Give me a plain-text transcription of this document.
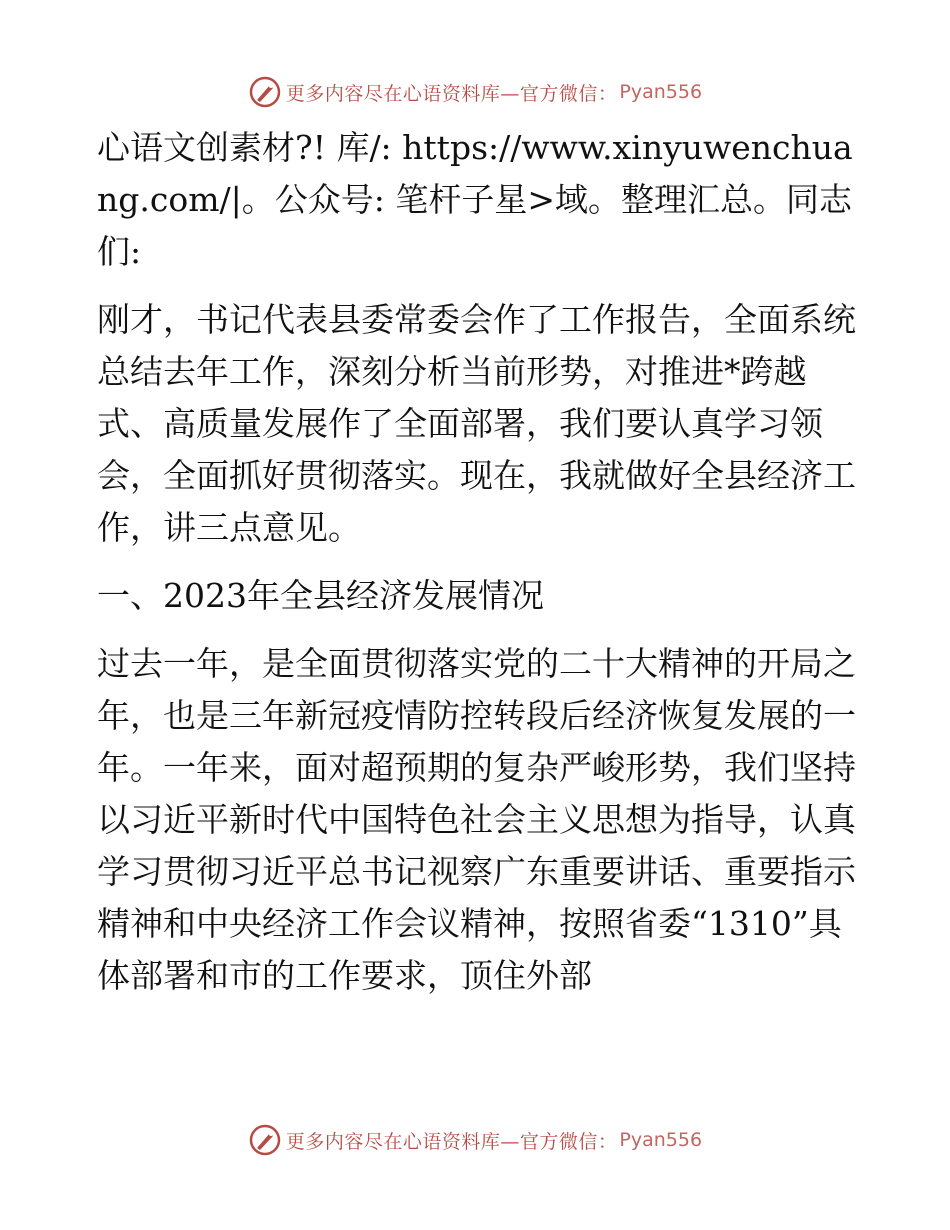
更多内容尽在心语资料库—官方微信： Pyan556

心语文创素材?! 库/: https://www.xinyuwenchuang.com/|。公众号: 笔杆子星>域。整理汇总。同志们:

刚才，书记代表县委常委会作了工作报告，全面系统总结去年工作，深刻分析当前形势，对推进*跨越式、高质量发展作了全面部署，我们要认真学习领会，全面抓好贯彻落实。现在，我就做好全县经济工作，讲三点意见。

一、2023年全县经济发展情况

过去一年，是全面贯彻落实党的二十大精神的开局之年，也是三年新冠疫情防控转段后经济恢复发展的一年。一年来，面对超预期的复杂严峻形势，我们坚持以习近平新时代中国特色社会主义思想为指导，认真学习贯彻习近平总书记视察广东重要讲话、重要指示精神和中央经济工作会议精神，按照省委“1310”具体部署和市的工作要求，顶住外部

更多内容尽在心语资料库—官方微信： Pyan556
